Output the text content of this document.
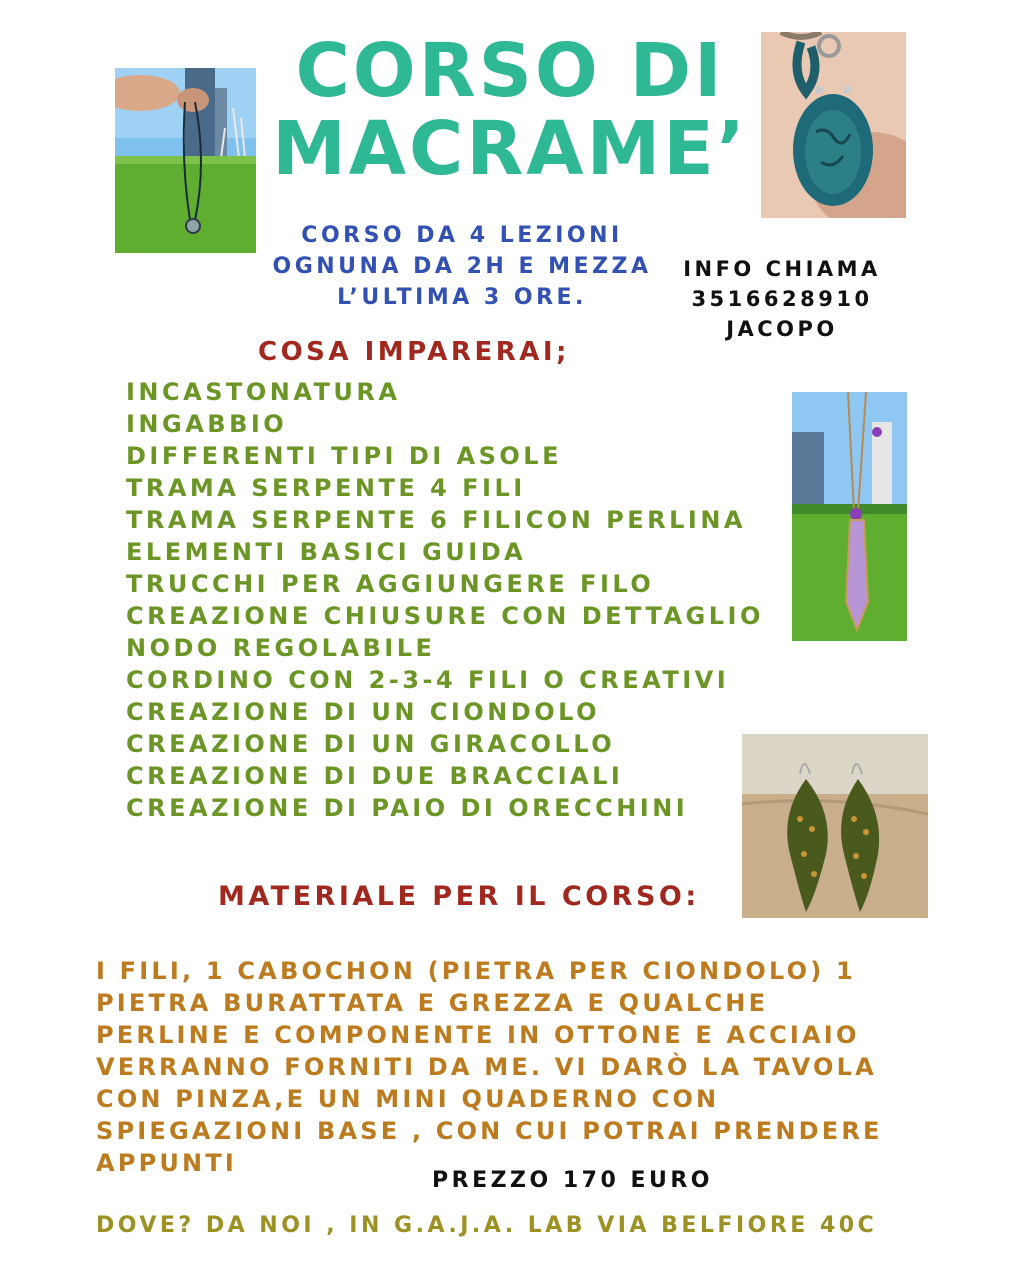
CORSO DI
MACRAME’
CORSO DA 4 LEZIONI
OGNUNA DA 2H E MEZZA
L’ULTIMA 3 ORE.
INFO CHIAMA
3516628910
JACOPO
COSA IMPARERAI;
INCASTONATURA
INGABBIO
DIFFERENTI TIPI DI ASOLE
TRAMA SERPENTE 4 FILI
TRAMA SERPENTE 6 FILICON PERLINA
ELEMENTI BASICI GUIDA
TRUCCHI PER AGGIUNGERE FILO
CREAZIONE CHIUSURE CON DETTAGLIO
NODO REGOLABILE
CORDINO CON 2-3-4 FILI O CREATIVI
CREAZIONE DI UN CIONDOLO
CREAZIONE DI UN GIRACOLLO
CREAZIONE DI DUE BRACCIALI
CREAZIONE DI PAIO DI ORECCHINI
MATERIALE PER IL CORSO:
I FILI, 1 CABOCHON (PIETRA PER CIONDOLO) 1
PIETRA BURATTATA E GREZZA E QUALCHE
PERLINE E COMPONENTE IN OTTONE E ACCIAIO
VERRANNO FORNITI DA ME. VI DARÒ LA TAVOLA
CON PINZA,E UN MINI QUADERNO CON
SPIEGAZIONI BASE , CON CUI POTRAI PRENDERE
APPUNTI
PREZZO 170 EURO
DOVE? DA NOI , IN G.A.J.A. LAB VIA BELFIORE 40C
